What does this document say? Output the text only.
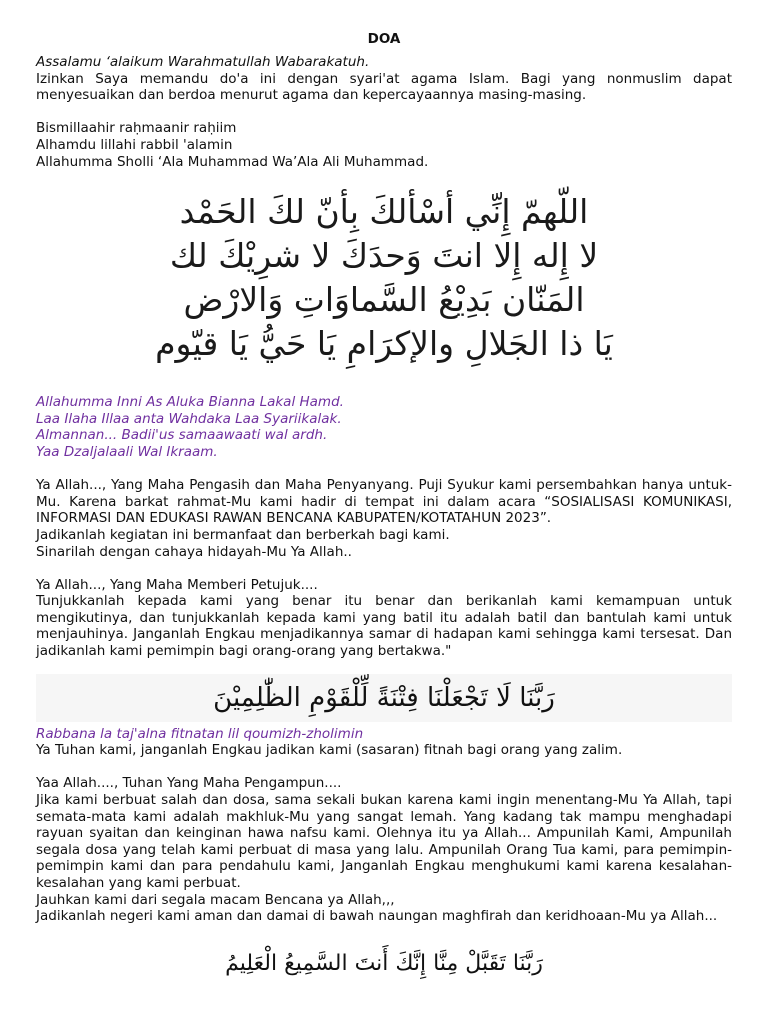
DOA

Assalamu ‘alaikum Warahmatullah Wabarakatuh.

Izinkan Saya memandu do'a ini dengan syari'at agama Islam. Bagi yang nonmuslim dapat menyesuaikan dan berdoa menurut agama dan kepercayaannya masing-masing.

Bismillaahir raḥmaanir raḥiim

Alhamdu lillahi rabbil 'alamin

Allahumma Sholli ‘Ala Muhammad Wa’Ala Ali Muhammad.

اللّهمّ إِنِّي أسْألكَ بِأنّ لكَ الحَمْد
لا إِله إِلا انتَ وَحدَكَ لا شرِيْكَ لك
المَنّان بَدِيْعُ السَّماوَاتِ وَالارْض
يَا ذا الجَلالِ والإكرَامِ يَا حَيُّ يَا قيّوم

Allahumma Inni As Aluka Bianna Lakal Hamd.

Laa Ilaha Illaa anta Wahdaka Laa Syariikalak.

Almannan... Badii'us samaawaati wal ardh.

Yaa Dzaljalaali Wal Ikraam.

Ya Allah..., Yang Maha Pengasih dan Maha Penyanyang. Puji Syukur kami persembahkan hanya untuk-Mu. Karena barkat rahmat-Mu kami hadir di tempat ini dalam acara “SOSIALISASI KOMUNIKASI, INFORMASI DAN EDUKASI RAWAN BENCANA KABUPATEN/KOTATAHUN 2023”.

Jadikanlah kegiatan ini bermanfaat dan berberkah bagi kami.

Sinarilah dengan cahaya hidayah-Mu Ya Allah..

Ya Allah..., Yang Maha Memberi Petujuk....

Tunjukkanlah kepada kami yang benar itu benar dan berikanlah kami kemampuan untuk mengikutinya, dan tunjukkanlah kepada kami yang batil itu adalah batil dan bantulah kami untuk menjauhinya. Janganlah Engkau menjadikannya samar di hadapan kami sehingga kami tersesat. Dan jadikanlah kami pemimpin bagi orang-orang yang bertakwa."

رَبَّنَا لَا تَجْعَلْنَا فِتْنَةً لِّلْقَوْمِ الظّٰلِمِيْنَ

Rabbana la taj'alna fitnatan lil qoumizh-zholimin

Ya Tuhan kami, janganlah Engkau jadikan kami (sasaran) fitnah bagi orang yang zalim.

Yaa Allah...., Tuhan Yang Maha Pengampun....

Jika kami berbuat salah dan dosa, sama sekali bukan karena kami ingin menentang-Mu Ya Allah, tapi semata-mata kami adalah makhluk-Mu yang sangat lemah. Yang kadang tak mampu menghadapi rayuan syaitan dan keinginan hawa nafsu kami. Olehnya itu ya Allah... Ampunilah Kami, Ampunilah segala dosa yang telah kami perbuat di masa yang lalu. Ampunilah Orang Tua kami, para pemimpin-pemimpin kami dan para pendahulu kami, Janganlah Engkau menghukumi kami karena kesalahan-kesalahan yang kami perbuat.

Jauhkan kami dari segala macam Bencana ya Allah,,,

Jadikanlah negeri kami aman dan damai di bawah naungan maghfirah dan keridhoaan-Mu ya Allah...

رَبَّنَا تَقَبَّلْ مِنَّا إِنَّكَ أَنتَ السَّمِيعُ الْعَلِيمُ
